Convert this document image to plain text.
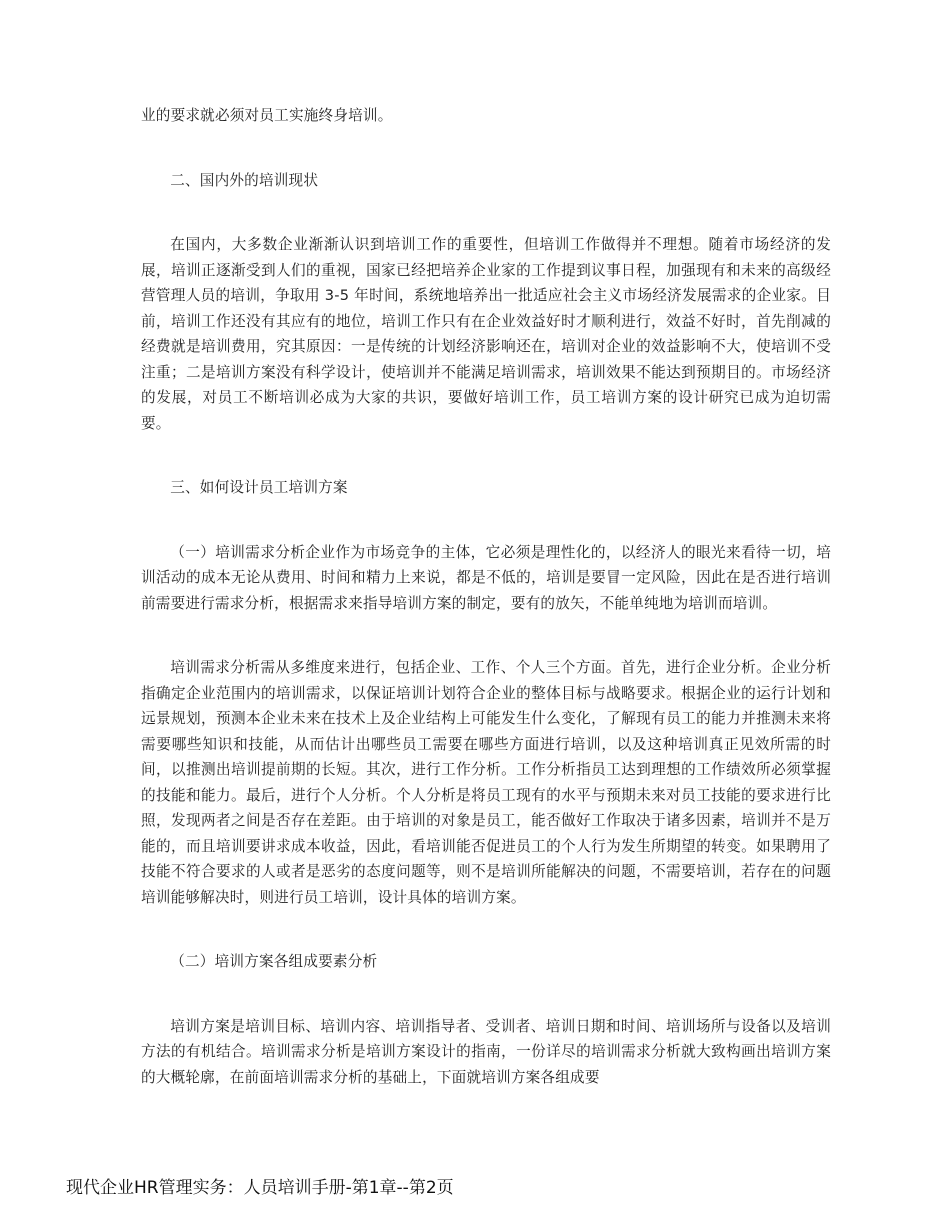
业的要求就必须对员工实施终身培训。

二、国内外的培训现状

在国内，大多数企业渐渐认识到培训工作的重要性，但培训工作做得并不理想。随着市场经济的发展，培训正逐渐受到人们的重视，国家已经把培养企业家的工作提到议事日程，加强现有和未来的高级经营管理人员的培训，争取用 3-5 年时间，系统地培养出一批适应社会主义市场经济发展需求的企业家。目前，培训工作还没有其应有的地位，培训工作只有在企业效益好时才顺利进行，效益不好时，首先削减的经费就是培训费用，究其原因：一是传统的计划经济影响还在，培训对企业的效益影响不大，使培训不受注重；二是培训方案没有科学设计，使培训并不能满足培训需求，培训效果不能达到预期目的。市场经济的发展，对员工不断培训必成为大家的共识，要做好培训工作，员工培训方案的设计研究已成为迫切需要。

三、如何设计员工培训方案

（一）培训需求分析企业作为市场竞争的主体，它必须是理性化的，以经济人的眼光来看待一切，培训活动的成本无论从费用、时间和精力上来说，都是不低的，培训是要冒一定风险，因此在是否进行培训前需要进行需求分析，根据需求来指导培训方案的制定，要有的放矢，不能单纯地为培训而培训。

培训需求分析需从多维度来进行，包括企业、工作、个人三个方面。首先，进行企业分析。企业分析指确定企业范围内的培训需求，以保证培训计划符合企业的整体目标与战略要求。根据企业的运行计划和远景规划，预测本企业未来在技术上及企业结构上可能发生什么变化，了解现有员工的能力并推测未来将需要哪些知识和技能，从而估计出哪些员工需要在哪些方面进行培训，以及这种培训真正见效所需的时间，以推测出培训提前期的长短。其次，进行工作分析。工作分析指员工达到理想的工作绩效所必须掌握的技能和能力。最后，进行个人分析。个人分析是将员工现有的水平与预期未来对员工技能的要求进行比照，发现两者之间是否存在差距。由于培训的对象是员工，能否做好工作取决于诸多因素，培训并不是万能的，而且培训要讲求成本收益，因此，看培训能否促进员工的个人行为发生所期望的转变。如果聘用了技能不符合要求的人或者是恶劣的态度问题等，则不是培训所能解决的问题，不需要培训，若存在的问题培训能够解决时，则进行员工培训，设计具体的培训方案。

（二）培训方案各组成要素分析

培训方案是培训目标、培训内容、培训指导者、受训者、培训日期和时间、培训场所与设备以及培训方法的有机结合。培训需求分析是培训方案设计的指南，一份详尽的培训需求分析就大致构画出培训方案的大概轮廓，在前面培训需求分析的基础上，下面就培训方案各组成要

现代企业HR管理实务：人员培训手册-第1章--第2页
